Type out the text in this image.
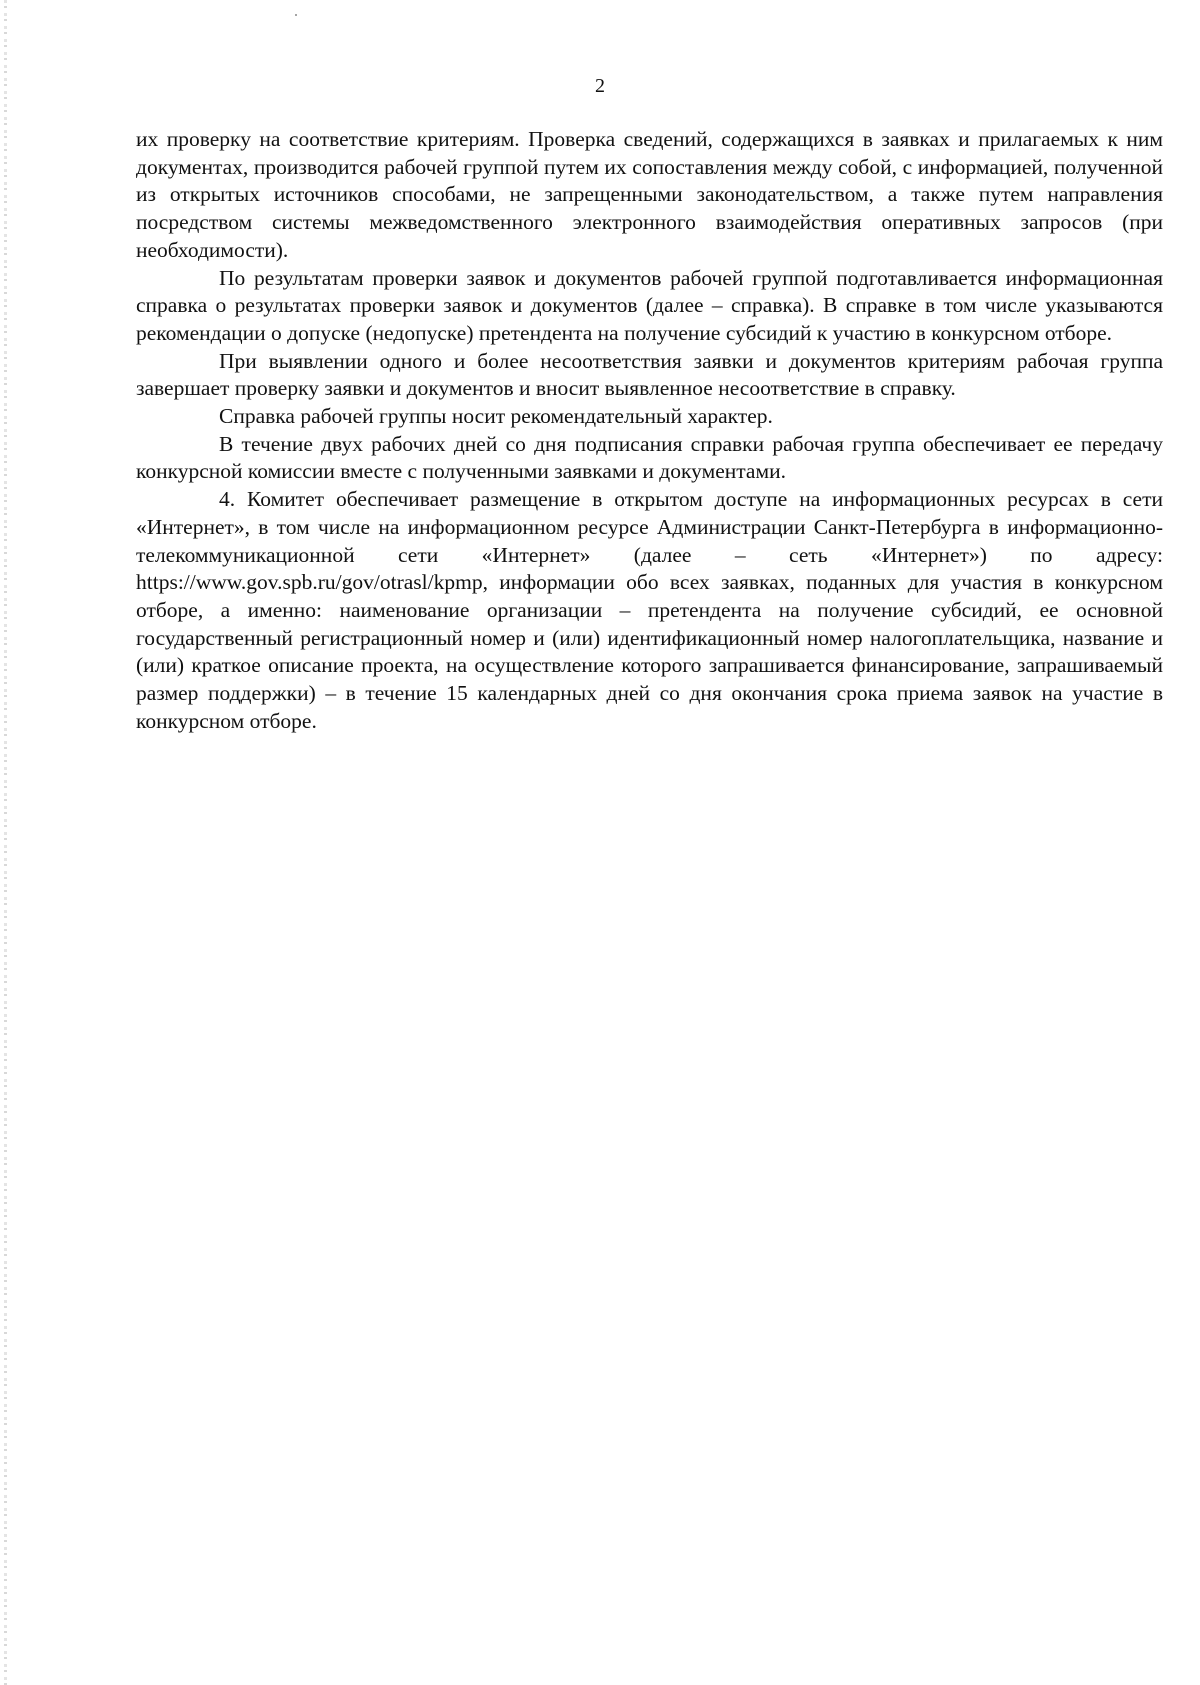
2

их проверку на соответствие критериям. Проверка сведений, содержащихся в заявках и прилагаемых к ним документах, производится рабочей группой путем их сопоставления между собой, с информацией, полученной из открытых источников способами, не запрещенными законодательством, а также путем направления посредством системы межведомственного электронного взаимодействия оперативных запросов (при необходимости).

По результатам проверки заявок и документов рабочей группой подготавливается информационная справка о результатах проверки заявок и документов (далее – справка). В справке в том числе указываются рекомендации о допуске (недопуске) претендента на получение субсидий к участию в конкурсном отборе.

При выявлении одного и более несоответствия заявки и документов критериям рабочая группа завершает проверку заявки и документов и вносит выявленное несоответствие в справку.

Справка рабочей группы носит рекомендательный характер.

В течение двух рабочих дней со дня подписания справки рабочая группа обеспечивает ее передачу конкурсной комиссии вместе с полученными заявками и документами.

4. Комитет обеспечивает размещение в открытом доступе на информационных ресурсах в сети «Интернет», в том числе на информационном ресурсе Администрации Санкт-Петербурга в информационно-телекоммуникационной сети «Интернет» (далее – сеть «Интернет») по адресу: https://www.gov.spb.ru/gov/otrasl/kpmp, информации обо всех заявках, поданных для участия в конкурсном отборе, а именно: наименование организации – претендента на получение субсидий, ее основной государственный регистрационный номер и (или) идентификационный номер налогоплательщика, название и (или) краткое описание проекта, на осуществление которого запрашивается финансирование, запрашиваемый размер поддержки) – в течение 15 календарных дней со дня окончания срока приема заявок на участие в конкурсном отборе.
